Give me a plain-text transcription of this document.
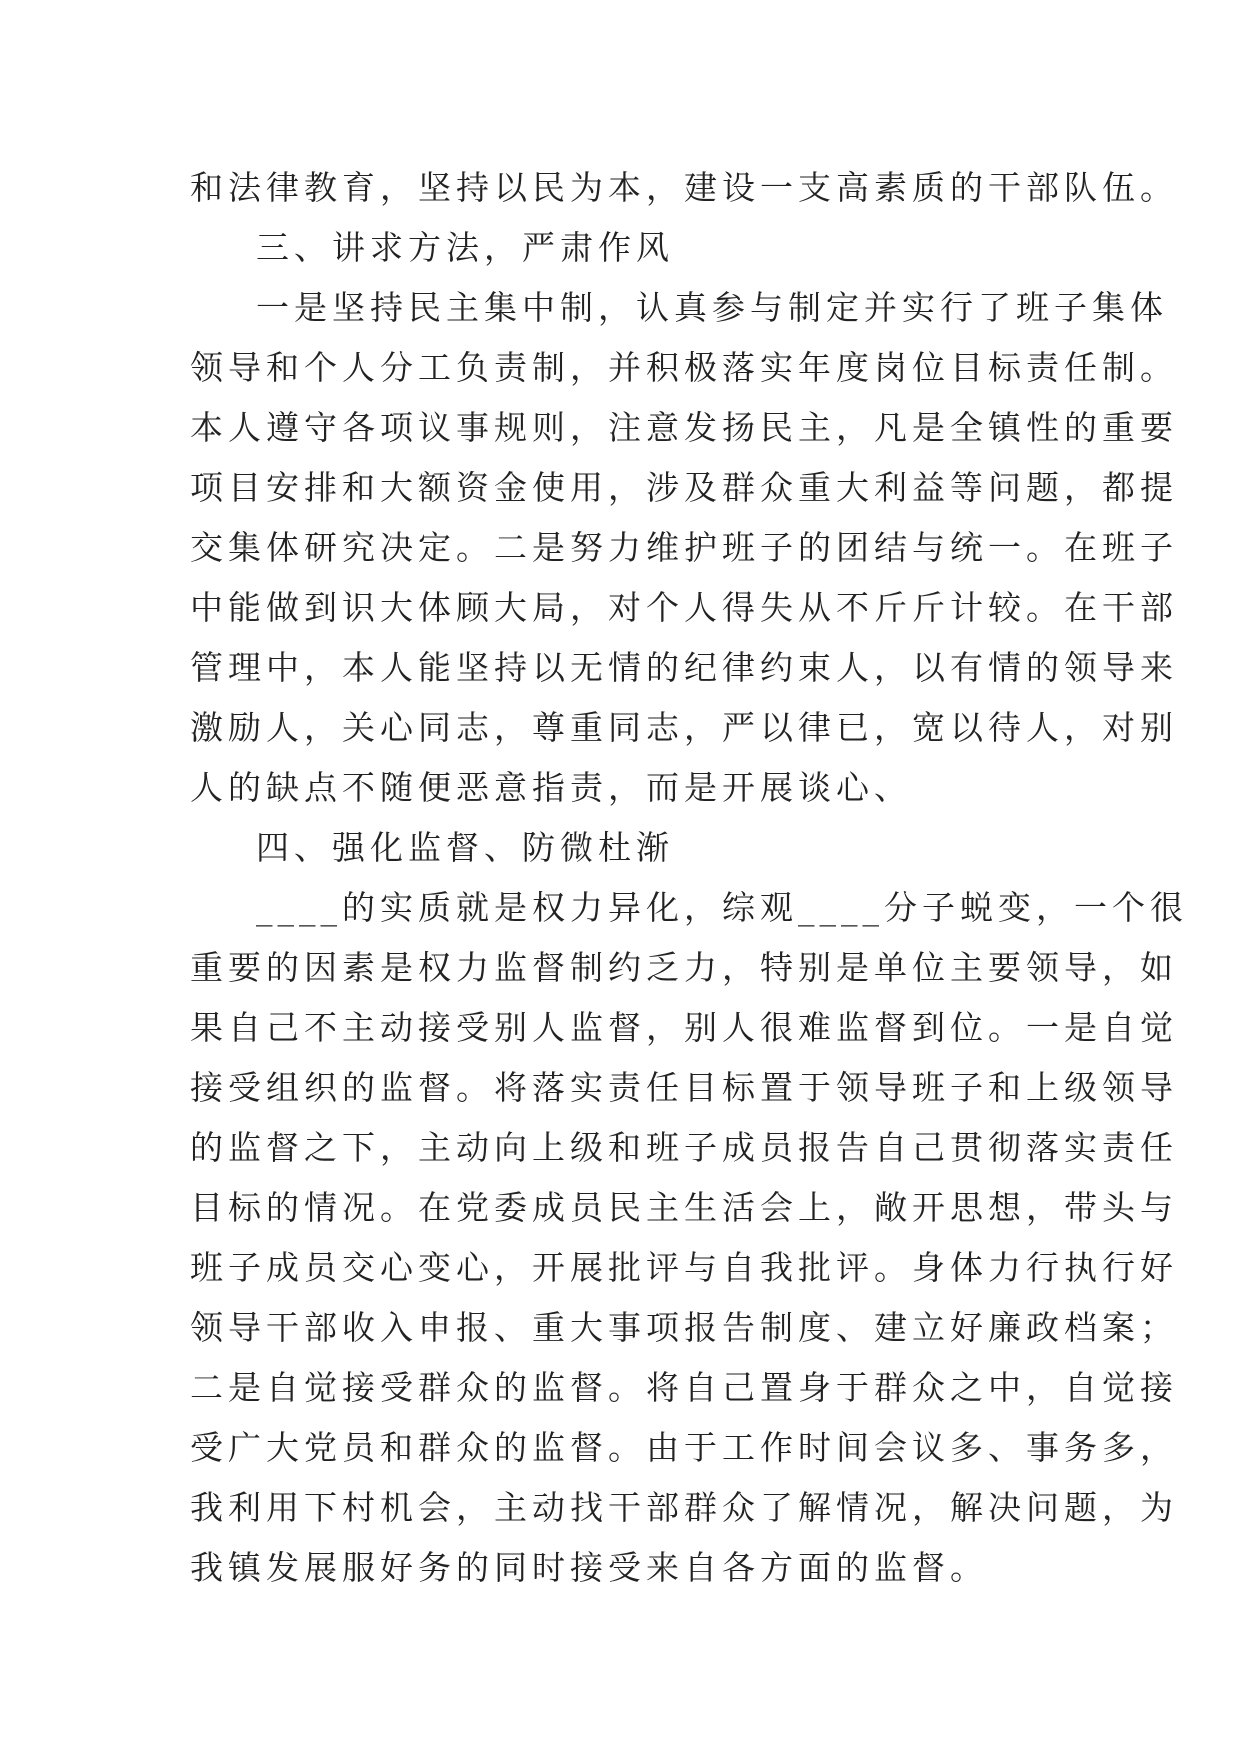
和法律教育，坚持以民为本，建设一支高素质的干部队伍。
三、讲求方法，严肃作风
一是坚持民主集中制，认真参与制定并实行了班子集体
领导和个人分工负责制，并积极落实年度岗位目标责任制。
本人遵守各项议事规则，注意发扬民主，凡是全镇性的重要
项目安排和大额资金使用，涉及群众重大利益等问题，都提
交集体研究决定。二是努力维护班子的团结与统一。在班子
中能做到识大体顾大局，对个人得失从不斤斤计较。在干部
管理中，本人能坚持以无情的纪律约束人，以有情的领导来
激励人，关心同志，尊重同志，严以律已，宽以待人，对别
人的缺点不随便恶意指责，而是开展谈心、
四、强化监督、防微杜渐
____的实质就是权力异化，综观____分子蜕变，一个很
重要的因素是权力监督制约乏力，特别是单位主要领导，如
果自己不主动接受别人监督，别人很难监督到位。一是自觉
接受组织的监督。将落实责任目标置于领导班子和上级领导
的监督之下，主动向上级和班子成员报告自己贯彻落实责任
目标的情况。在党委成员民主生活会上，敞开思想，带头与
班子成员交心变心，开展批评与自我批评。身体力行执行好
领导干部收入申报、重大事项报告制度、建立好廉政档案；
二是自觉接受群众的监督。将自己置身于群众之中，自觉接
受广大党员和群众的监督。由于工作时间会议多、事务多，
我利用下村机会，主动找干部群众了解情况，解决问题，为
我镇发展服好务的同时接受来自各方面的监督。
